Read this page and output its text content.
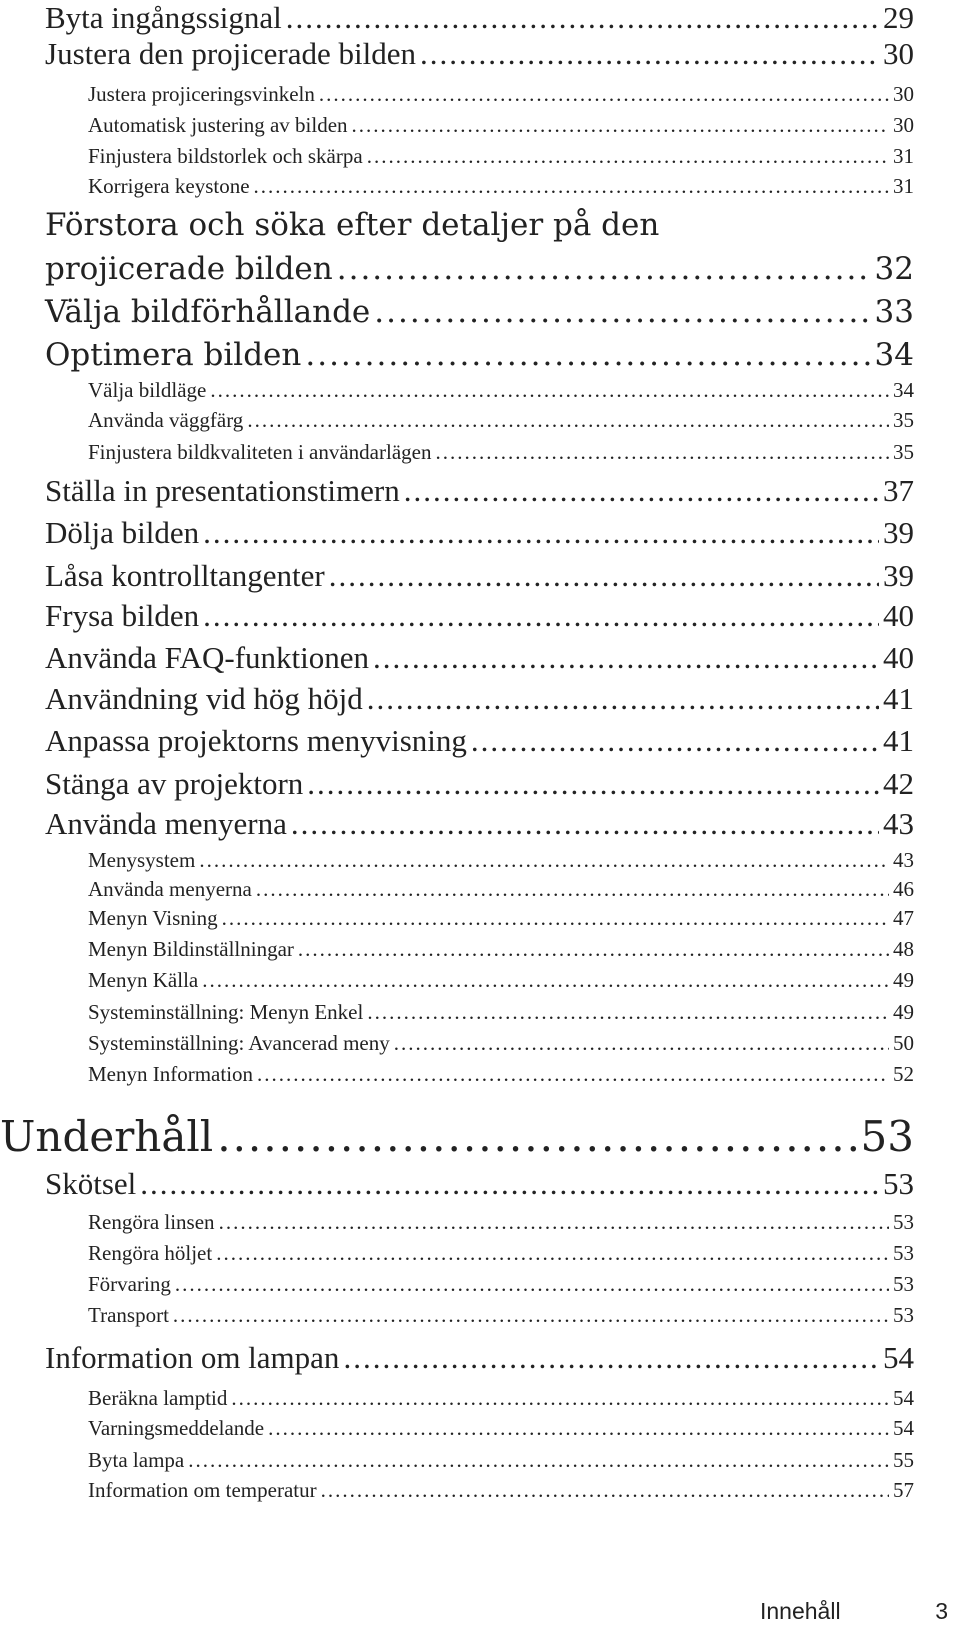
Byta ingångssignal .....	29
Justera den projicerade bilden .....	30
Justera projiceringsvinkeln .....	30
Automatisk justering av bilden .....	30
Finjustera bildstorlek och skärpa .....	31
Korrigera keystone .....	31
Förstora och söka efter detaljer på den
projicerade bilden .....	32
Välja bildförhållande .....	33
Optimera bilden .....	34
Välja bildläge .....	34
Använda väggfärg .....	35
Finjustera bildkvaliteten i användarlägen .....	35
Ställa in presentationstimern .....	37
Dölja bilden .....	39
Låsa kontrolltangenter .....	39
Frysa bilden .....	40
Använda FAQ-funktionen .....	40
Användning vid hög höjd .....	41
Anpassa projektorns menyvisning .....	41
Stänga av projektorn .....	42
Använda menyerna .....	43
Menysystem .....	43
Använda menyerna .....	46
Menyn Visning .....	47
Menyn Bildinställningar .....	48
Menyn Källa .....	49
Systeminställning: Menyn Enkel .....	49
Systeminställning: Avancerad meny .....	50
Menyn Information .....	52
Underhåll .....	53
Skötsel .....	53
Rengöra linsen .....	53
Rengöra höljet .....	53
Förvaring .....	53
Transport .....	53
Information om lampan .....	54
Beräkna lamptid .....	54
Varningsmeddelande .....	54
Byta lampa .....	55
Information om temperatur .....	57
Innehåll	3
